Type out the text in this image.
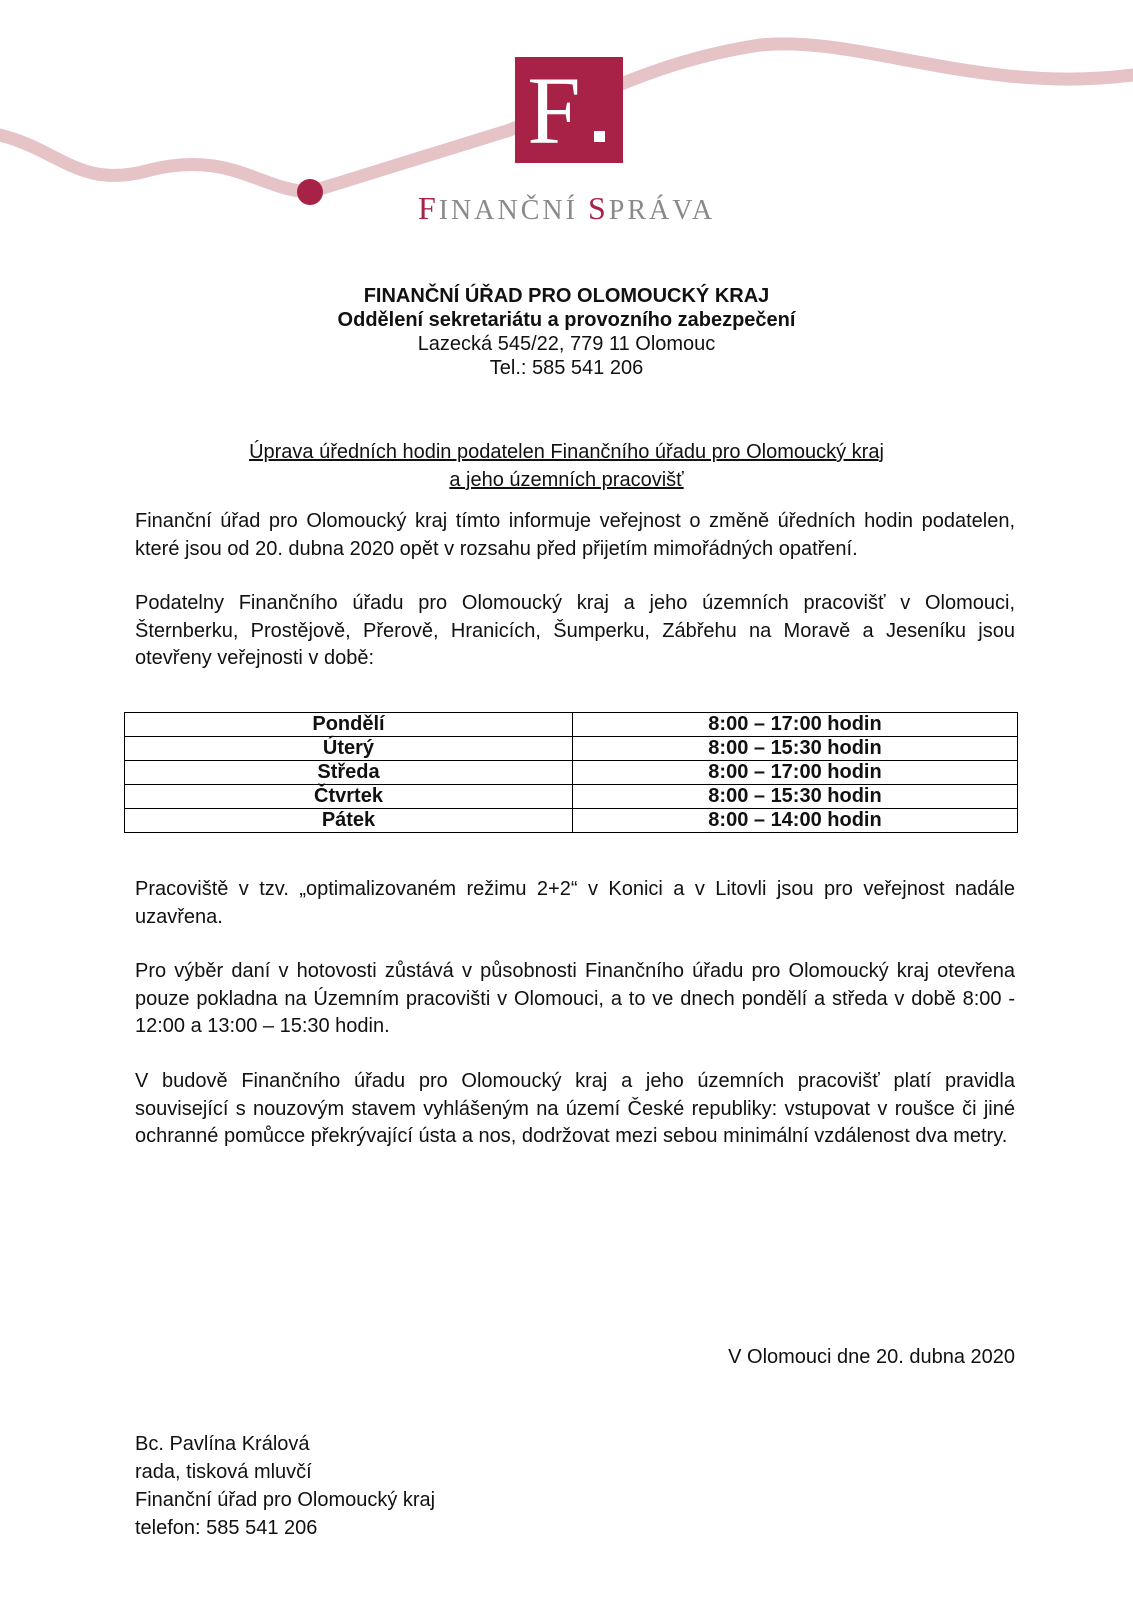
F
FINANČNÍ SPRÁVA
FINANČNÍ ÚŘAD PRO OLOMOUCKÝ KRAJ
Oddělení sekretariátu a provozního zabezpečení
Lazecká 545/22, 779 11 Olomouc
Tel.: 585 541 206
Úprava úředních hodin podatelen Finančního úřadu pro Olomoucký kraj
a jeho územních pracovišť
Finanční úřad pro Olomoucký kraj tímto informuje veřejnost o změně úředních hodin podatelen, které jsou od 20. dubna 2020 opět v rozsahu před přijetím mimořádných opatření.
Podatelny Finančního úřadu pro Olomoucký kraj a jeho územních pracovišť v Olomouci, Šternberku, Prostějově, Přerově, Hranicích, Šumperku, Zábřehu na Moravě a Jeseníku jsou otevřeny veřejnosti v době:
Pondělí	8:00 – 17:00 hodin
Úterý	8:00 – 15:30 hodin
Středa	8:00 – 17:00 hodin
Čtvrtek	8:00 – 15:30 hodin
Pátek	8:00 – 14:00 hodin
Pracoviště v tzv. „optimalizovaném režimu 2+2“ v Konici a v Litovli jsou pro veřejnost nadále uzavřena.
Pro výběr daní v hotovosti zůstává v působnosti Finančního úřadu pro Olomoucký kraj otevřena pouze pokladna na Územním pracovišti v Olomouci, a to ve dnech pondělí a středa v době 8:00 - 12:00 a 13:00 – 15:30 hodin.
V budově Finančního úřadu pro Olomoucký kraj a jeho územních pracovišť platí pravidla související s nouzovým stavem vyhlášeným na území České republiky: vstupovat v roušce či jiné ochranné pomůcce překrývající ústa a nos, dodržovat mezi sebou minimální vzdálenost dva metry.
V Olomouci dne 20. dubna 2020
Bc. Pavlína Králová
rada, tisková mluvčí
Finanční úřad pro Olomoucký kraj
telefon: 585 541 206
